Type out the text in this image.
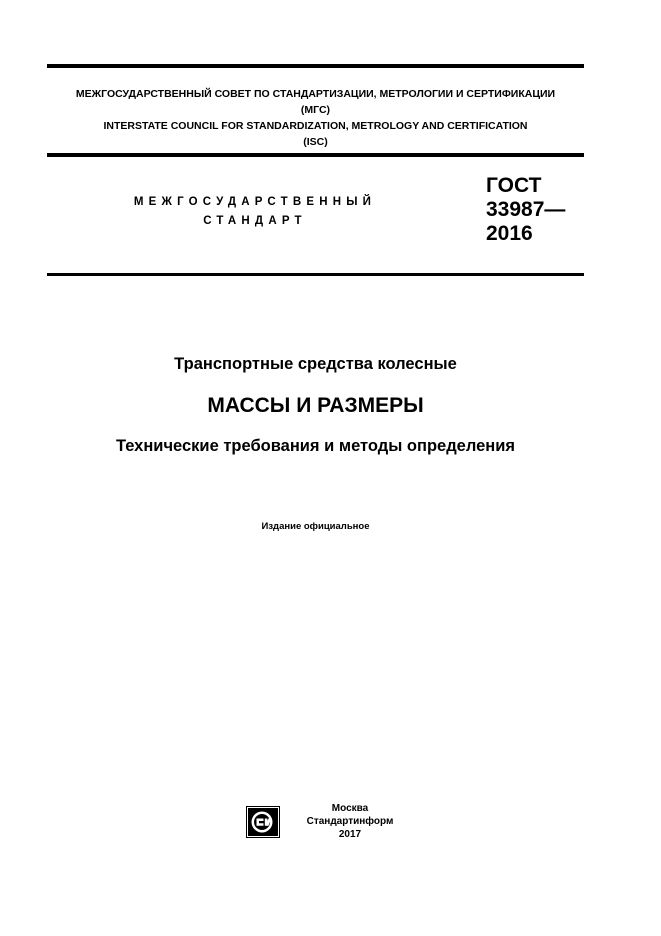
МЕЖГОСУДАРСТВЕННЫЙ СОВЕТ ПО СТАНДАРТИЗАЦИИ, МЕТРОЛОГИИ И СЕРТИФИКАЦИИ
(МГС)
INTERSTATE COUNCIL FOR STANDARDIZATION, METROLOGY AND CERTIFICATION
(ISC)
МЕЖГОСУДАРСТВЕННЫЙ
СТАНДАРТ
ГОСТ
33987—
2016
Транспортные средства колесные
МАССЫ И РАЗМЕРЫ
Технические требования и методы определения
Издание официальное
Москва
Стандартинформ
2017
